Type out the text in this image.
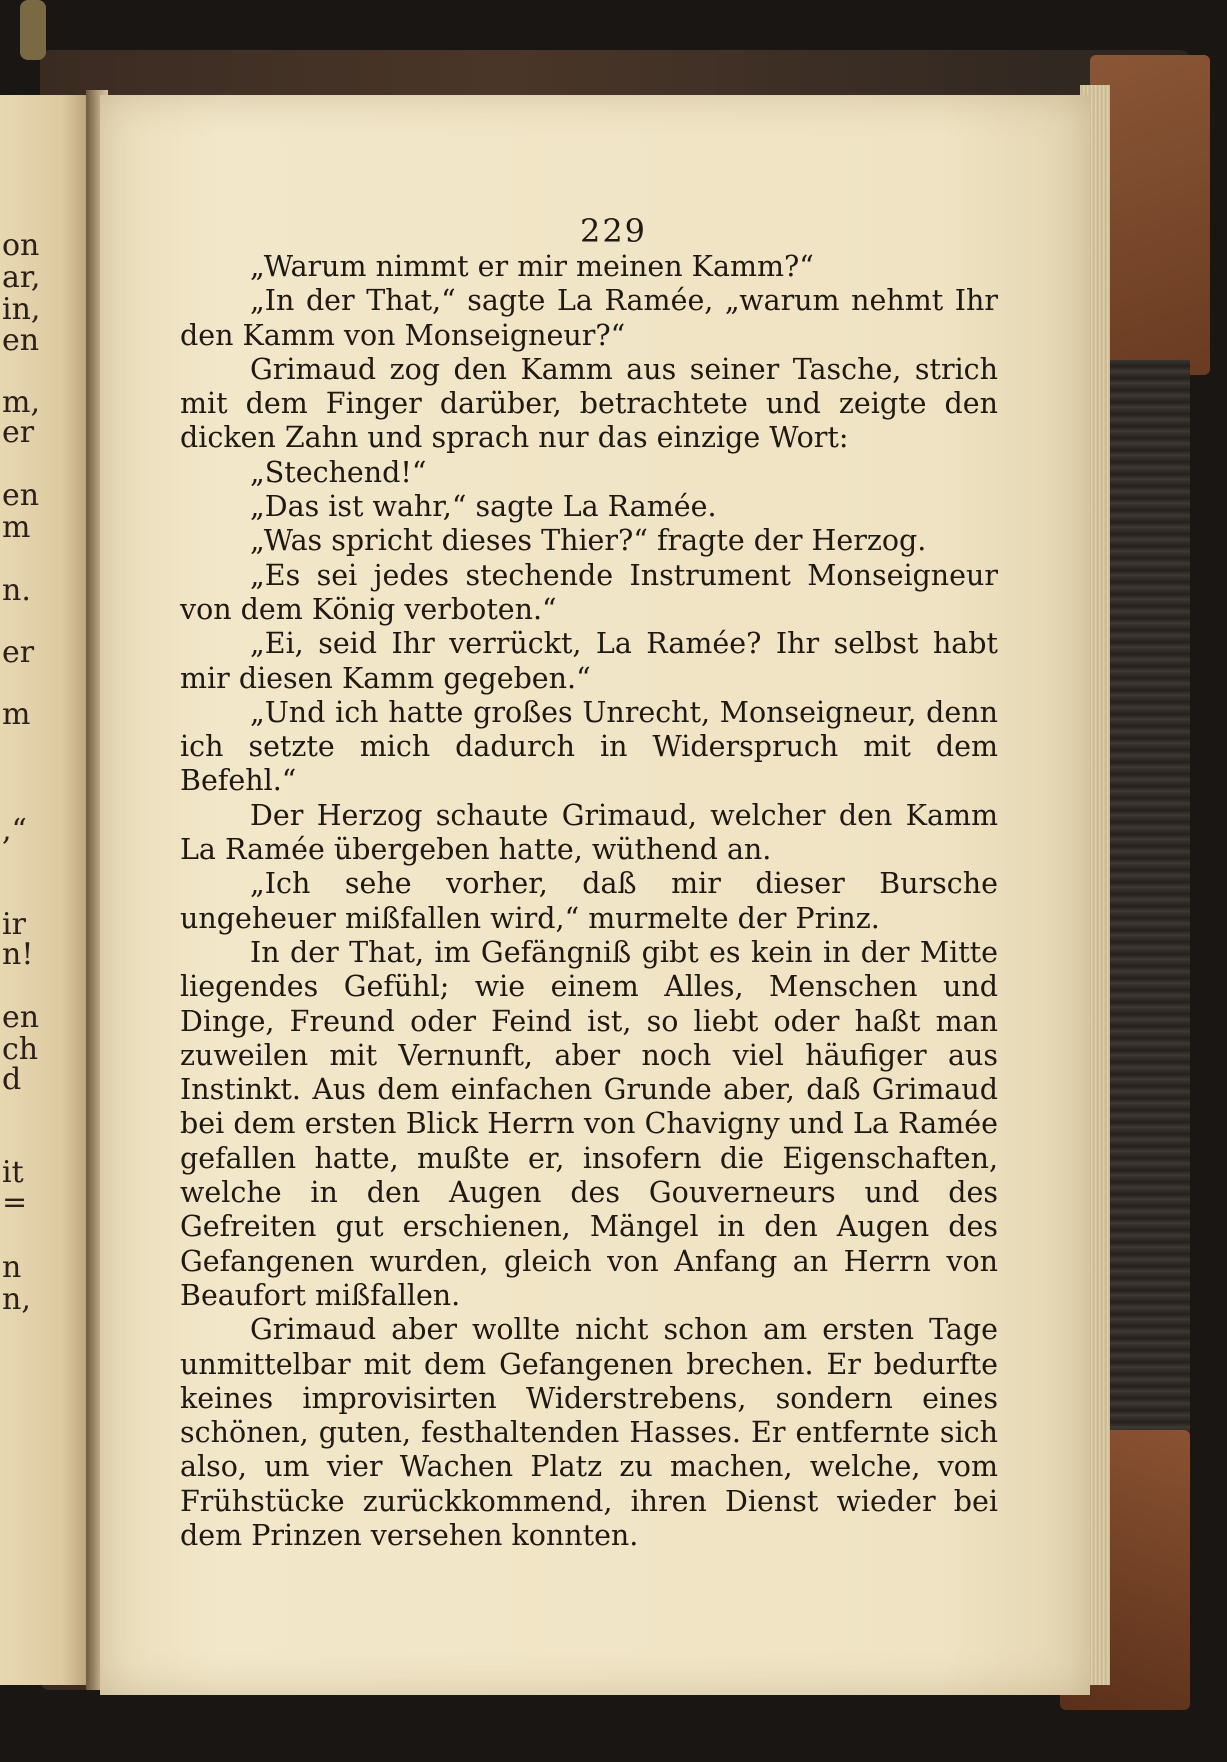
on
ar,
in,
en
m,
er
en
m
n.
er
m
,“
ir
n!
en
ch
d
it
=
n
n,
229

„Warum nimmt er mir meinen Kamm?“

„In der That,“ sagte La Ramée, „warum nehmt Ihr den Kamm von Monseigneur?“

Grimaud zog den Kamm aus seiner Tasche, strich mit dem Finger darüber, betrachtete und zeigte den dicken Zahn und sprach nur das einzige Wort:

„Stechend!“

„Das ist wahr,“ sagte La Ramée.

„Was spricht dieses Thier?“ fragte der Herzog.

„Es sei jedes stechende Instrument Monseigneur von dem König verboten.“

„Ei, seid Ihr verrückt, La Ramée? Ihr selbst habt mir diesen Kamm gegeben.“

„Und ich hatte großes Unrecht, Monseigneur, denn ich setzte mich dadurch in Widerspruch mit dem Befehl.“

Der Herzog schaute Grimaud, welcher den Kamm La Ramée übergeben hatte, wüthend an.

„Ich sehe vorher, daß mir dieser Bursche ungeheuer mißfallen wird,“ murmelte der Prinz.

In der That, im Gefängniß gibt es kein in der Mitte liegendes Gefühl; wie einem Alles, Menschen und Dinge, Freund oder Feind ist, so liebt oder haßt man zuweilen mit Vernunft, aber noch viel häufiger aus Instinkt. Aus dem einfachen Grunde aber, daß Grimaud bei dem ersten Blick Herrn von Chavigny und La Ramée gefallen hatte, mußte er, insofern die Eigenschaften, welche in den Augen des Gouverneurs und des Gefreiten gut erschienen, Mängel in den Augen des Gefangenen wurden, gleich von Anfang an Herrn von Beaufort mißfallen.

Grimaud aber wollte nicht schon am ersten Tage unmittelbar mit dem Gefangenen brechen. Er bedurfte keines improvisirten Widerstrebens, sondern eines schönen, guten, festhaltenden Hasses. Er entfernte sich also, um vier Wachen Platz zu machen, welche, vom Frühstücke zurückkommend, ihren Dienst wieder bei dem Prinzen versehen konnten.
